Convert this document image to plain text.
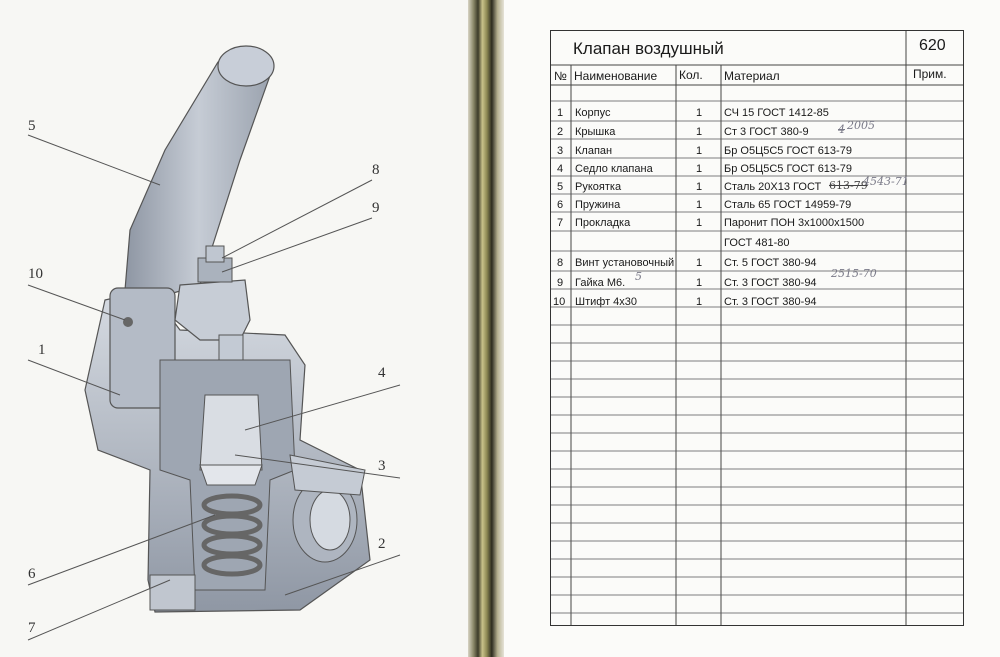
5
8
9
10
1
4
3
6
2
7
Клапан воздушный	620
№ Наименование Кол. Материал	Прим.
1 Корпус	1 СЧ 15 ГОСТ 1412-85
2 Крышка	1 Ст 3 ГОСТ 380-9
3 Клапан	1 Бр О5Ц5С5 ГОСТ 613-79
4 Седло клапана	1 Бр О5Ц5С5 ГОСТ 613-79
5 Рукоятка	1 Сталь 20Х13 ГОСТ
6 Пружина	1 Сталь 65 ГОСТ 14959-79
7 Прокладка	1 Паронит ПОН 3х1000х1500
ГОСТ 481-80
8 Винт установочный 1 Ст. 5 ГОСТ 380-94
9 Гайка М6.	1 Ст. 3 ГОСТ 380-94
10 Штифт 4х30	1 Ст. 3 ГОСТ 380-94
4 2005
613-79
4543-71
2515-70
5
